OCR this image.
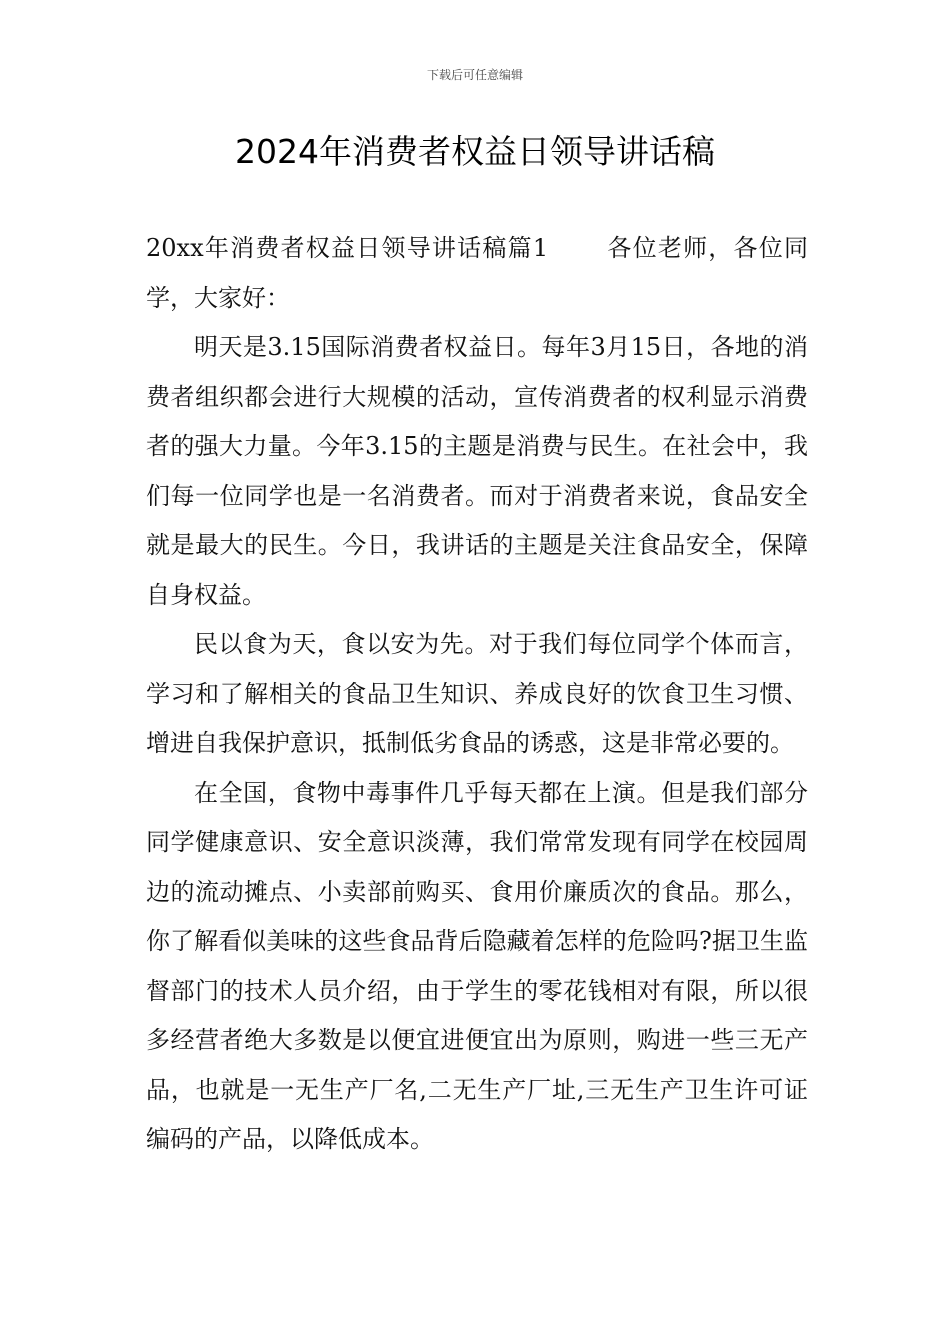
下载后可任意编辑
2024年消费者权益日领导讲话稿

20xx年消费者权益日领导讲话稿篇1 各位老师，各位同学，大家好：

明天是3.15国际消费者权益日。每年3月15日，各地的消费者组织都会进行大规模的活动，宣传消费者的权利显示消费者的强大力量。今年3.15的主题是消费与民生。在社会中，我们每一位同学也是一名消费者。而对于消费者来说，食品安全就是最大的民生。今日，我讲话的主题是关注食品安全，保障自身权益。

民以食为天，食以安为先。对于我们每位同学个体而言，学习和了解相关的食品卫生知识、养成良好的饮食卫生习惯、增进自我保护意识，抵制低劣食品的诱惑，这是非常必要的。

在全国，食物中毒事件几乎每天都在上演。但是我们部分同学健康意识、安全意识淡薄，我们常常发现有同学在校园周边的流动摊点、小卖部前购买、食用价廉质次的食品。那么，你了解看似美味的这些食品背后隐藏着怎样的危险吗?据卫生监督部门的技术人员介绍，由于学生的零花钱相对有限，所以很多经营者绝大多数是以便宜进便宜出为原则，购进一些三无产品，也就是一无生产厂名,二无生产厂址,三无生产卫生许可证编码的产品，以降低成本。
